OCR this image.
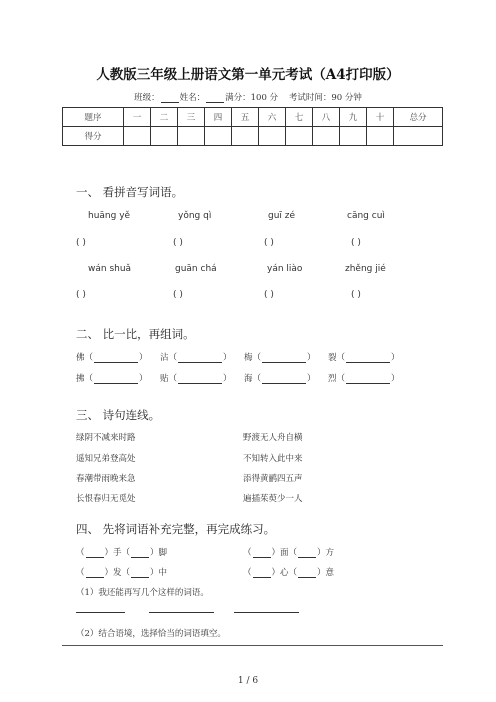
人教版三年级上册语文第一单元考试（A4打印版）
班级： 姓名： 满分：100 分 考试时间：90 分钟
题序	一	二	三	四	五	六	七	八	九	十	总分
得分											
一、 看拼音写词语。
huāng yě	yǒng qì	guī zé	cāng cuì
( )	( )	( )	( )
wán shuǎ	guān chá	yán liào	zhěng jié
( )	( )	( )	( )
二、 比一比，再组词。
佛（	） 沾（	） 梅（	） 裂（	）
拂（	） 贴（	） 海（	） 烈（	）
三、 诗句连线。
绿阴不减来时路
遥知兄弟登高处
春潮带雨晚来急
长恨春归无觅处
野渡无人舟自横
不知转入此中来
添得黄鹂四五声
遍插茱萸少一人
四、 先将词语补充完整，再完成练习。
（ ）手（ ）脚	（ ）面（ ）方
（ ）发（ ）中	（ ）心（ ）意
（1）我还能再写几个这样的词语。
（2）结合语境，选择恰当的词语填空。
1 / 6
